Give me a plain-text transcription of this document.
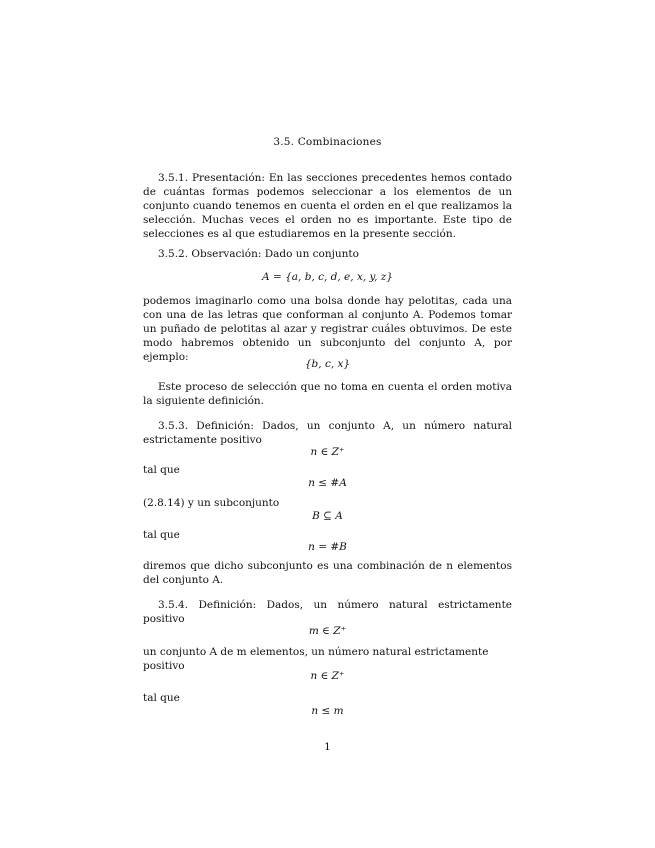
3.5. Combinaciones

3.5.1. Presentación: En las secciones precedentes hemos contado de cuántas formas podemos seleccionar a los elementos de un conjunto cuando tenemos en cuenta el orden en el que realizamos la selección. Muchas veces el orden no es importante. Este tipo de selecciones es al que estudiaremos en la presente sección.

3.5.2. Observación: Dado un conjunto

A = {a, b, c, d, e, x, y, z}

podemos imaginarlo como una bolsa donde hay pelotitas, cada una con una de las letras que conforman al conjunto A. Podemos tomar un puñado de pelotitas al azar y registrar cuáles obtuvimos. De este modo habremos obtenido un subconjunto del conjunto A, por ejemplo:

{b, c, x}

Este proceso de selección que no toma en cuenta el orden motiva la siguiente definición.

3.5.3. Definición: Dados, un conjunto A, un número natural estrictamente positivo

n ∈ Z⁺
tal que
n ≤ #A
(2.8.14) y un subconjunto
B ⊆ A
tal que
n = #B

diremos que dicho subconjunto es una combinación de n elementos del conjunto A.

3.5.4. Definición: Dados, un número natural estrictamente positivo

m ∈ Z⁺
un conjunto A de m elementos, un número natural estrictamente positivo
n ∈ Z⁺
tal que
n ≤ m
1
